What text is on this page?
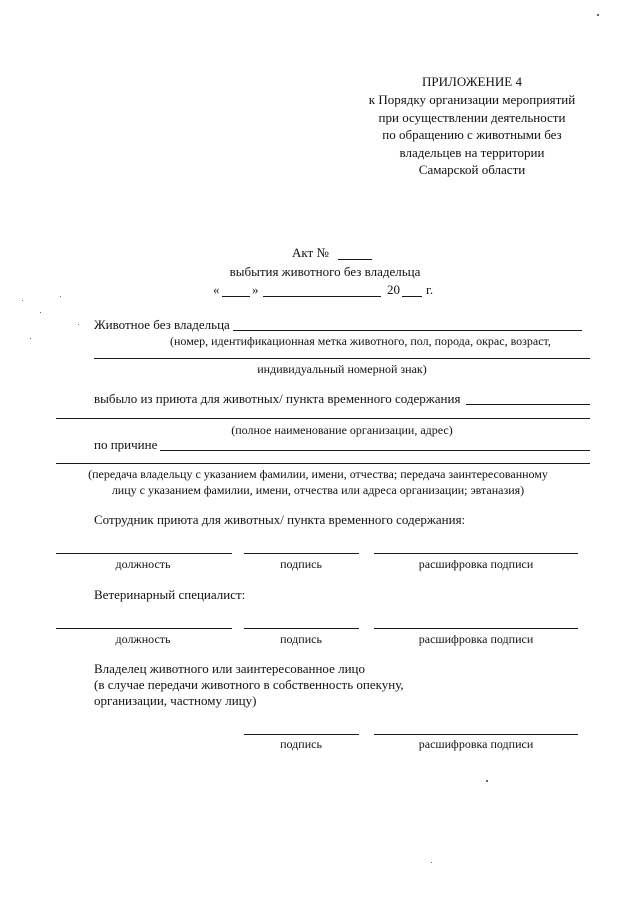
ПРИЛОЖЕНИЕ 4
к Порядку организации мероприятий
при осуществлении деятельности
по обращению с животными без
владельцев на территории
Самарской области
Акт №
выбытия животного без владельца
«	»	20 г.
Животное без владельца
(номер, идентификационная метка животного, пол, порода, окрас, возраст,
индивидуальный номерной знак)
выбыло из приюта для животных/ пункта временного содержания
(полное наименование организации, адрес)
по причине
(передача владельцу с указанием фамилии, имени, отчества; передача заинтересованному
лицу с указанием фамилии, имени, отчества или адреса организации; эвтаназия)
Сотрудник приюта для животных/ пункта временного содержания:
должность	подпись	расшифровка подписи
Ветеринарный специалист:
должность	подпись	расшифровка подписи
Владелец животного или заинтересованное лицо
(в случае передачи животного в собственность опекуну,
организации, частному лицу)
подпись	расшифровка подписи
